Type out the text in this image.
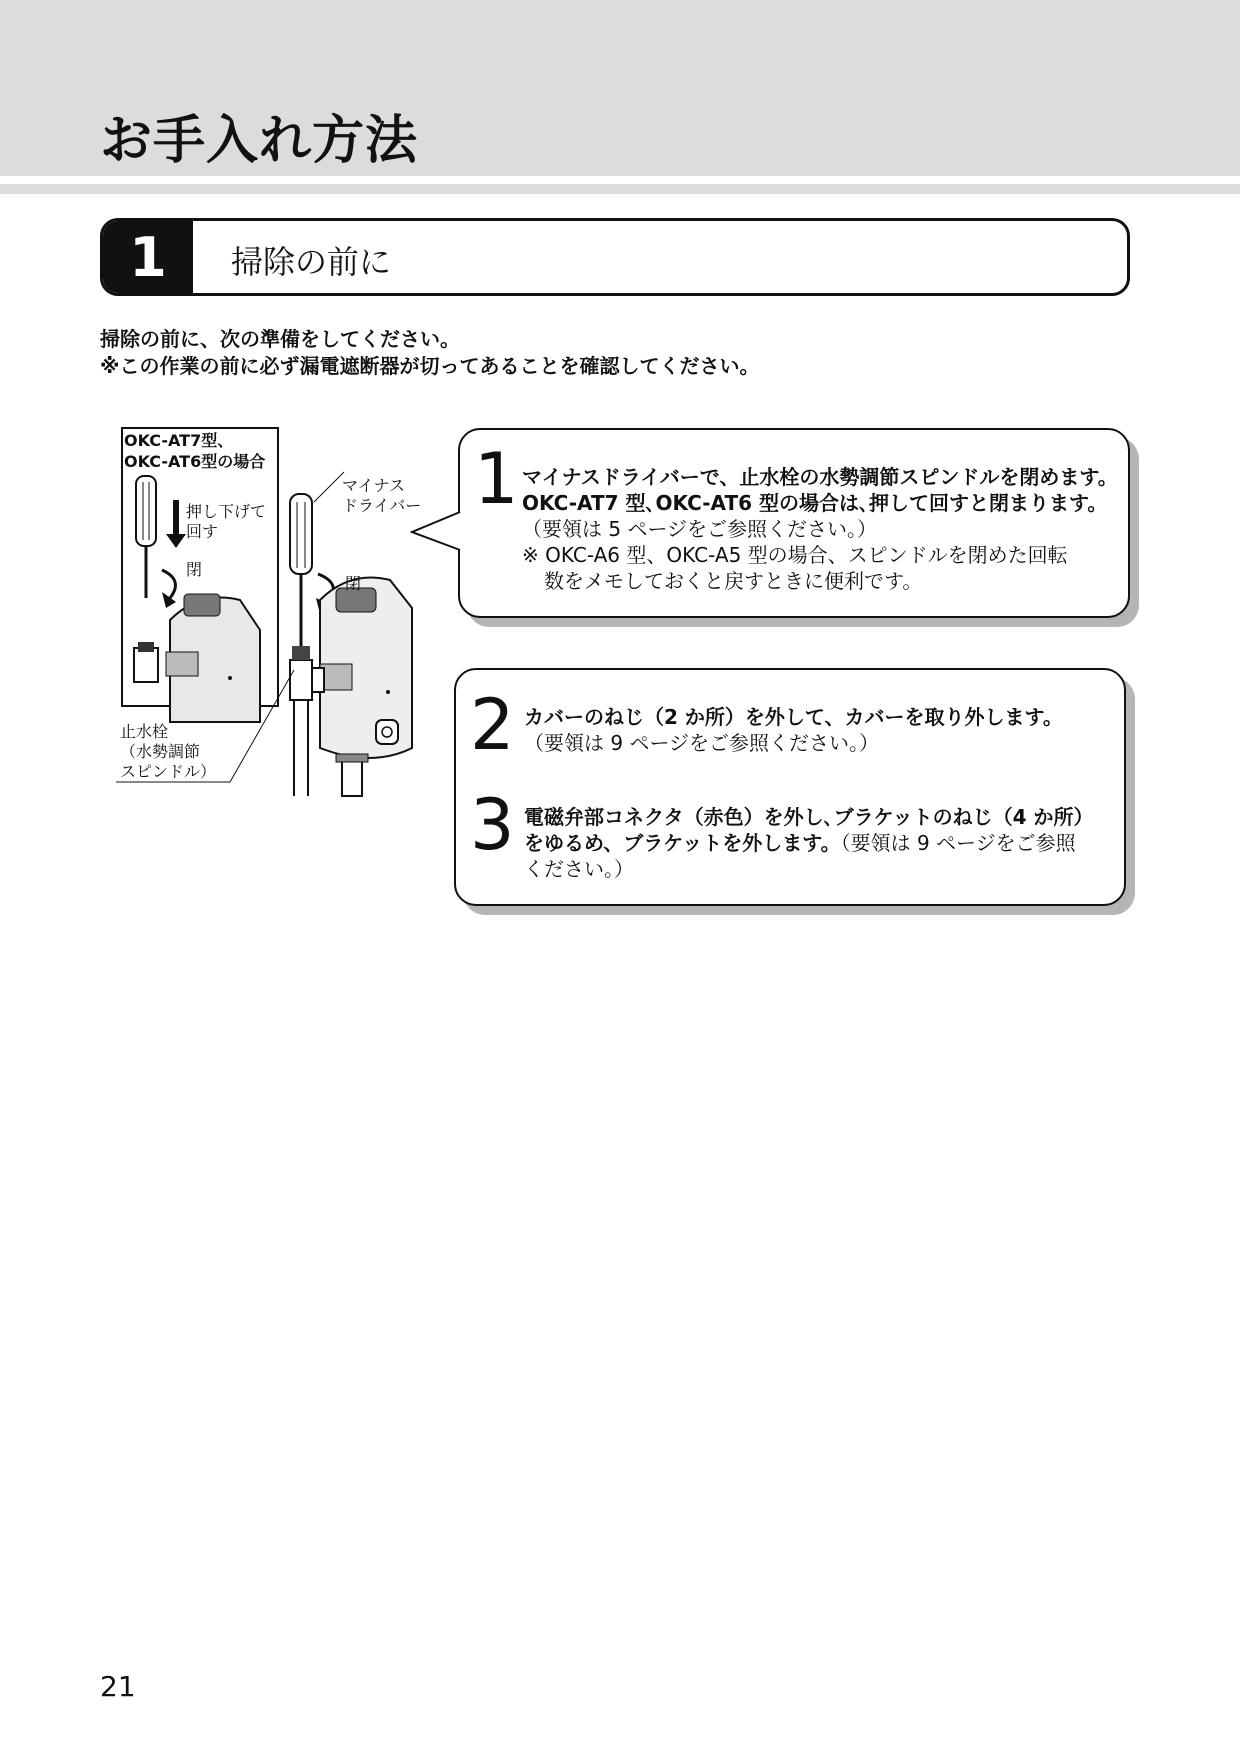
お手入れ方法
1	掃除の前に
掃除の前に、次の準備をしてください。
※この作業の前に必ず漏電遮断器が切ってあることを確認してください。
OKC-AT7型、
OKC-AT6型の場合
押し下げて
回す
閉
閉
マイナス
ドライバー
止水栓
（水勢調節
スピンドル）
1 マイナスドライバーで、止水栓の水勢調節スピンドルを閉めます。
OKC-AT7 型､OKC-AT6 型の場合は､押して回すと閉まります。
（要領は 5 ページをご参照ください。）
※ OKC-A6 型、OKC-A5 型の場合、スピンドルを閉めた回転
数をメモしておくと戻すときに便利です。
2 カバーのねじ（2 か所）を外して、カバーを取り外します。
（要領は 9 ページをご参照ください。）
3 電磁弁部コネクタ（赤色）を外し､ブラケットのねじ（4 か所）
をゆるめ、ブラケットを外します。（要領は 9 ページをご参照
ください。）
21
